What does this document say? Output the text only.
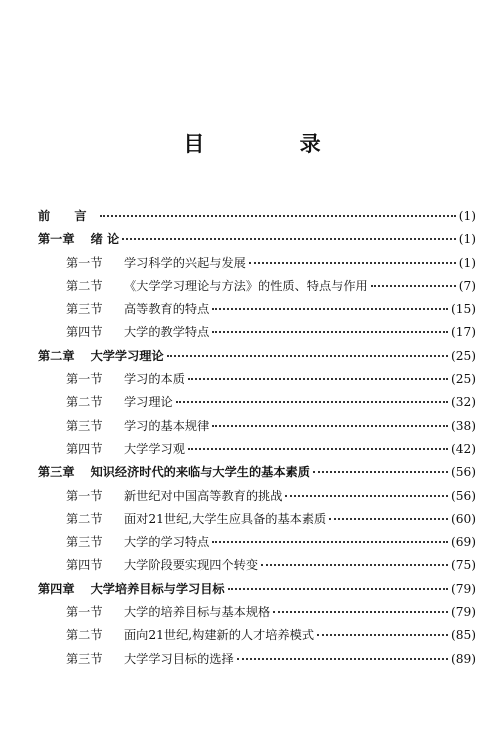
目 录
前 言	(1)
第一章 绪 论	(1)
第一节	学习科学的兴起与发展	(1)
第二节	《大学学习理论与方法》的性质、特点与作用	(7)
第三节	高等教育的特点	(15)
第四节	大学的教学特点	(17)
第二章 大学学习理论	(25)
第一节	学习的本质	(25)
第二节	学习理论	(32)
第三节	学习的基本规律	(38)
第四节	大学学习观	(42)
第三章 知识经济时代的来临与大学生的基本素质	(56)
第一节	新世纪对中国高等教育的挑战	(56)
第二节	面对21世纪,大学生应具备的基本素质	(60)
第三节	大学的学习特点	(69)
第四节	大学阶段要实现四个转变	(75)
第四章 大学培养目标与学习目标	(79)
第一节	大学的培养目标与基本规格	(79)
第二节	面向21世纪,构建新的人才培养模式	(85)
第三节	大学学习目标的选择	(89)
